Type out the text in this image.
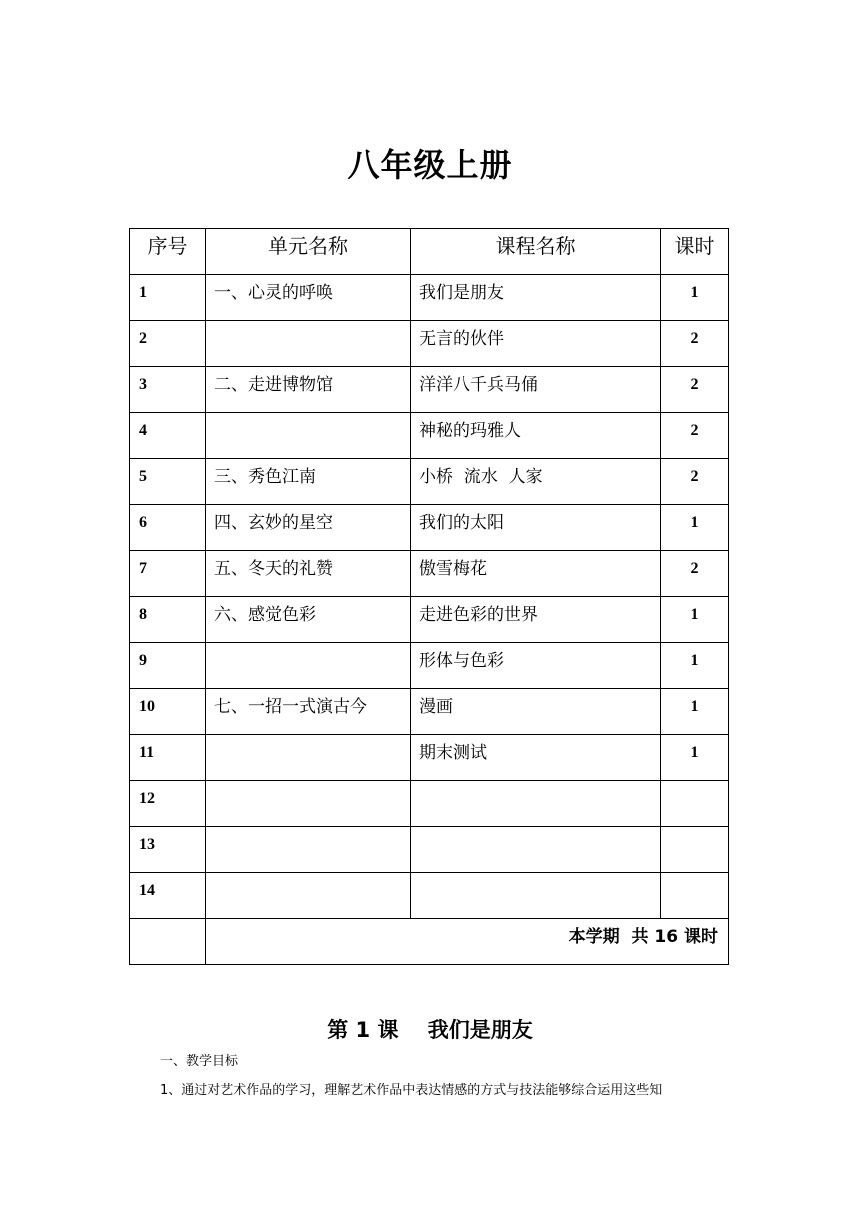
八年级上册
序号	单元名称	课程名称	课时
1	一、心灵的呼唤	我们是朋友	1
2		无言的伙伴	2
3	二、走进博物馆	洋洋八千兵马俑	2
4		神秘的玛雅人	2
5	三、秀色江南	小桥  流水  人家	2
6	四、玄妙的星空	我们的太阳	1
7	五、冬天的礼赞	傲雪梅花	2
8	六、感觉色彩	走进色彩的世界	1
9		形体与色彩	1
10	七、一招一式演古今	漫画	1
11		期末测试	1
12			
13			
14			
	本学期  共 16 课时		
第 1 课    我们是朋友
一、教学目标
1、通过对艺术作品的学习，理解艺术作品中表达情感的方式与技法能够综合运用这些知
